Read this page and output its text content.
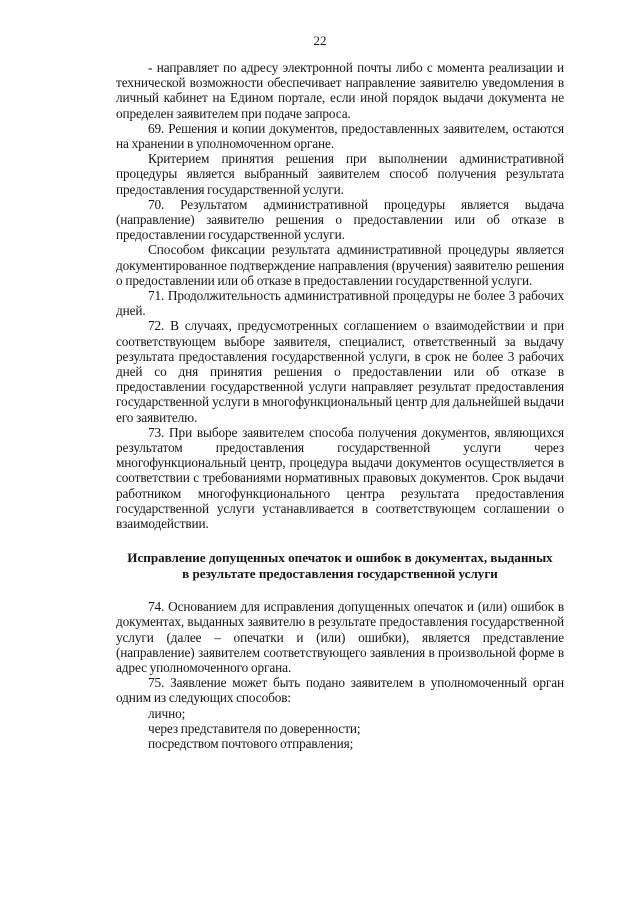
22

- направляет по адресу электронной почты либо с момента реализации и технической возможности обеспечивает направление заявителю уведомления в личный кабинет на Едином портале, если иной порядок выдачи документа не определен заявителем при подаче запроса.

69. Решения и копии документов, предоставленных заявителем, остаются на хранении в уполномоченном органе.

Критерием принятия решения при выполнении административной процедуры является выбранный заявителем способ получения результата предоставления государственной услуги.

70. Результатом административной процедуры является выдача (направление) заявителю решения о предоставлении или об отказе в предоставлении государственной услуги.

Способом фиксации результата административной процедуры является документированное подтверждение направления (вручения) заявителю решения о предоставлении или об отказе в предоставлении государственной услуги.

71. Продолжительность административной процедуры не более 3 рабочих дней.

72. В случаях, предусмотренных соглашением о взаимодействии и при соответствующем выборе заявителя, специалист, ответственный за выдачу результата предоставления государственной услуги, в срок не более 3 рабочих дней со дня принятия решения о предоставлении или об отказе в предоставлении государственной услуги направляет результат предоставления государственной услуги в многофункциональный центр для дальнейшей выдачи его заявителю.

73. При выборе заявителем способа получения документов, являющихся результатом предоставления государственной услуги через многофункциональный центр, процедура выдачи документов осуществляется в соответствии с требованиями нормативных правовых документов. Срок выдачи работником многофункционального центра результата предоставления государственной услуги устанавливается в соответствующем соглашении о взаимодействии.

Исправление допущенных опечаток и ошибок в документах, выданных
в результате предоставления государственной услуги

74. Основанием для исправления допущенных опечаток и (или) ошибок в документах, выданных заявителю в результате предоставления государственной услуги (далее – опечатки и (или) ошибки), является представление (направление) заявителем соответствующего заявления в произвольной форме в адрес уполномоченного органа.

75. Заявление может быть подано заявителем в уполномоченный орган одним из следующих способов:

лично;

через представителя по доверенности;

посредством почтового отправления;
